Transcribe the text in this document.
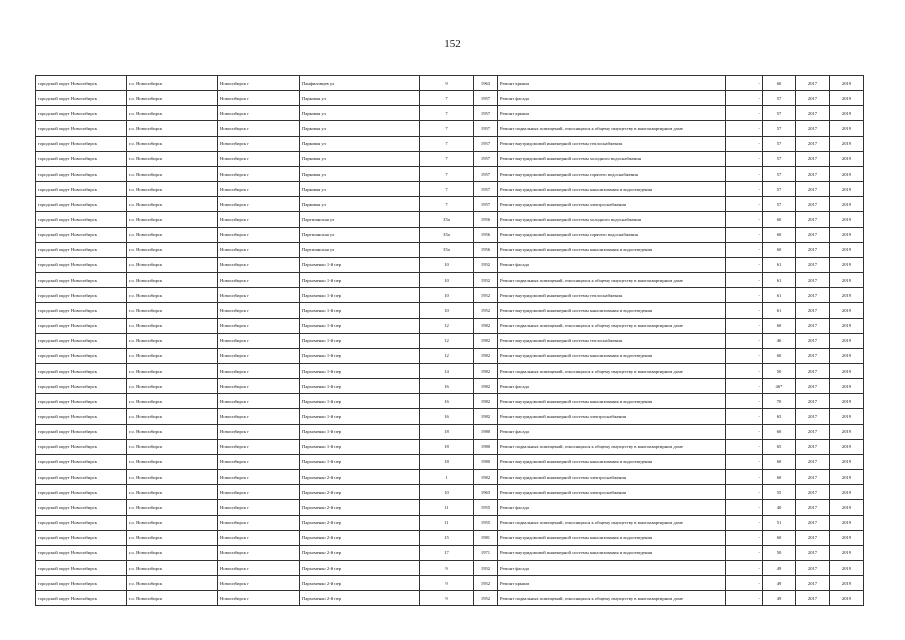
152
городской округ Новосибирск	г.о. Новосибирск	Новосибирск г	Панфиловцев ул	9	1963	Ремонт крыши	-	60	2017	2019
городской округ Новосибирск	г.о. Новосибирск	Новосибирск г	Парковая ул	7	1957	Ремонт фасада	-	57	2017	2019
городской округ Новосибирск	г.о. Новосибирск	Новосибирск г	Парковая ул	7	1957	Ремонт крыши	-	57	2017	2019
городской округ Новосибирск	г.о. Новосибирск	Новосибирск г	Парковая ул	7	1957	Ремонт подвальных помещений, относящихся к общему имуществу в многоквартирном доме	-	57	2017	2019
городской округ Новосибирск	г.о. Новосибирск	Новосибирск г	Парковая ул	7	1957	Ремонт внутридомовой инженерной системы теплоснабжения	-	57	2017	2019
городской округ Новосибирск	г.о. Новосибирск	Новосибирск г	Парковая ул	7	1957	Ремонт внутридомовой инженерной системы холодного водоснабжения	-	57	2017	2019
городской округ Новосибирск	г.о. Новосибирск	Новосибирск г	Парковая ул	7	1957	Ремонт внутридомовой инженерной системы горячего водоснабжения	-	57	2017	2019
городской округ Новосибирск	г.о. Новосибирск	Новосибирск г	Парковая ул	7	1957	Ремонт внутридомовой инженерной системы канализования и водоотведения	-	57	2017	2019
городской округ Новосибирск	г.о. Новосибирск	Новосибирск г	Парковая ул	7	1957	Ремонт внутридомовой инженерной системы электроснабжения	-	57	2017	2019
городской округ Новосибирск	г.о. Новосибирск	Новосибирск г	Партизанская ул	35а	1956	Ремонт внутридомовой инженерной системы холодного водоснабжения	-	60	2017	2019
городской округ Новосибирск	г.о. Новосибирск	Новосибирск г	Партизанская ул	35а	1956	Ремонт внутридомовой инженерной системы горячего водоснабжения	-	60	2017	2019
городской округ Новосибирск	г.о. Новосибирск	Новосибирск г	Партизанская ул	35а	1956	Ремонт внутридомовой инженерной системы канализования и водоотведения	-	60	2017	2019
городской округ Новосибирск	г.о. Новосибирск	Новосибирск г	Пархоменко 1-й пер	10	1952	Ремонт фасада	-	61	2017	2019
городской округ Новосибирск	г.о. Новосибирск	Новосибирск г	Пархоменко 1-й пер	10	1952	Ремонт подвальных помещений, относящихся к общему имуществу в многоквартирном доме	-	61	2017	2019
городской округ Новосибирск	г.о. Новосибирск	Новосибирск г	Пархоменко 1-й пер	10	1952	Ремонт внутридомовой инженерной системы теплоснабжения	-	61	2017	2019
городской округ Новосибирск	г.о. Новосибирск	Новосибирск г	Пархоменко 1-й пер	10	1952	Ремонт внутридомовой инженерной системы канализования и водоотведения	-	61	2017	2019
городской округ Новосибирск	г.о. Новосибирск	Новосибирск г	Пархоменко 1-й пер	12	1982	Ремонт подвальных помещений, относящихся к общему имуществу в многоквартирном доме	-	60	2017	2019
городской округ Новосибирск	г.о. Новосибирск	Новосибирск г	Пархоменко 1-й пер	12	1982	Ремонт внутридомовой инженерной системы теплоснабжения	-	46	2017	2019
городской округ Новосибирск	г.о. Новосибирск	Новосибирск г	Пархоменко 1-й пер	12	1982	Ремонт внутридомовой инженерной системы канализования и водоотведения	-	60	2017	2019
городской округ Новосибирск	г.о. Новосибирск	Новосибирск г	Пархоменко 1-й пер	14	1982	Ремонт подвальных помещений, относящихся к общему имуществу в многоквартирном доме	-	50	2017	2019
городской округ Новосибирск	г.о. Новосибирск	Новосибирск г	Пархоменко 1-й пер	16	1982	Ремонт фасада	-	46*	2017	2019
городской округ Новосибирск	г.о. Новосибирск	Новосибирск г	Пархоменко 1-й пер	16	1982	Ремонт внутридомовой инженерной системы канализования и водоотведения	-	70	2017	2019
городской округ Новосибирск	г.о. Новосибирск	Новосибирск г	Пархоменко 1-й пер	16	1982	Ремонт внутридомовой инженерной системы электроснабжения	-	65	2017	2019
городской округ Новосибирск	г.о. Новосибирск	Новосибирск г	Пархоменко 1-й пер	18	1980	Ремонт фасада	-	60	2017	2019
городской округ Новосибирск	г.о. Новосибирск	Новосибирск г	Пархоменко 1-й пер	18	1980	Ремонт подвальных помещений, относящихся к общему имуществу в многоквартирном доме	-	65	2017	2019
городской округ Новосибирск	г.о. Новосибирск	Новосибирск г	Пархоменко 1-й пер	18	1980	Ремонт внутридомовой инженерной системы канализования и водоотведения	-	60	2017	2019
городской округ Новосибирск	г.о. Новосибирск	Новосибирск г	Пархоменко 2-й пер	1	1982	Ремонт внутридомовой инженерной системы электроснабжения	-	60	2017	2019
городской округ Новосибирск	г.о. Новосибирск	Новосибирск г	Пархоменко 2-й пер	10	1963	Ремонт внутридомовой инженерной системы электроснабжения	-	55	2017	2019
городской округ Новосибирск	г.о. Новосибирск	Новосибирск г	Пархоменко 2-й пер	11	1955	Ремонт фасада	-	40	2017	2019
городской округ Новосибирск	г.о. Новосибирск	Новосибирск г	Пархоменко 2-й пер	11	1955	Ремонт подвальных помещений, относящихся к общему имуществу в многоквартирном доме	-	51	2017	2019
городской округ Новосибирск	г.о. Новосибирск	Новосибирск г	Пархоменко 2-й пер	15	1981	Ремонт внутридомовой инженерной системы канализования и водоотведения	-	60	2017	2019
городской округ Новосибирск	г.о. Новосибирск	Новосибирск г	Пархоменко 2-й пер	17	1971	Ремонт внутридомовой инженерной системы канализования и водоотведения	-	50	2017	2019
городской округ Новосибирск	г.о. Новосибирск	Новосибирск г	Пархоменко 2-й пер	9	1952	Ремонт фасада	-	49	2017	2019
городской округ Новосибирск	г.о. Новосибирск	Новосибирск г	Пархоменко 2-й пер	9	1952	Ремонт крыши	-	49	2017	2019
городской округ Новосибирск	г.о. Новосибирск	Новосибирск г	Пархоменко 2-й пер	9	1952	Ремонт подвальных помещений, относящихся к общему имуществу в многоквартирном доме	-	49	2017	2019
